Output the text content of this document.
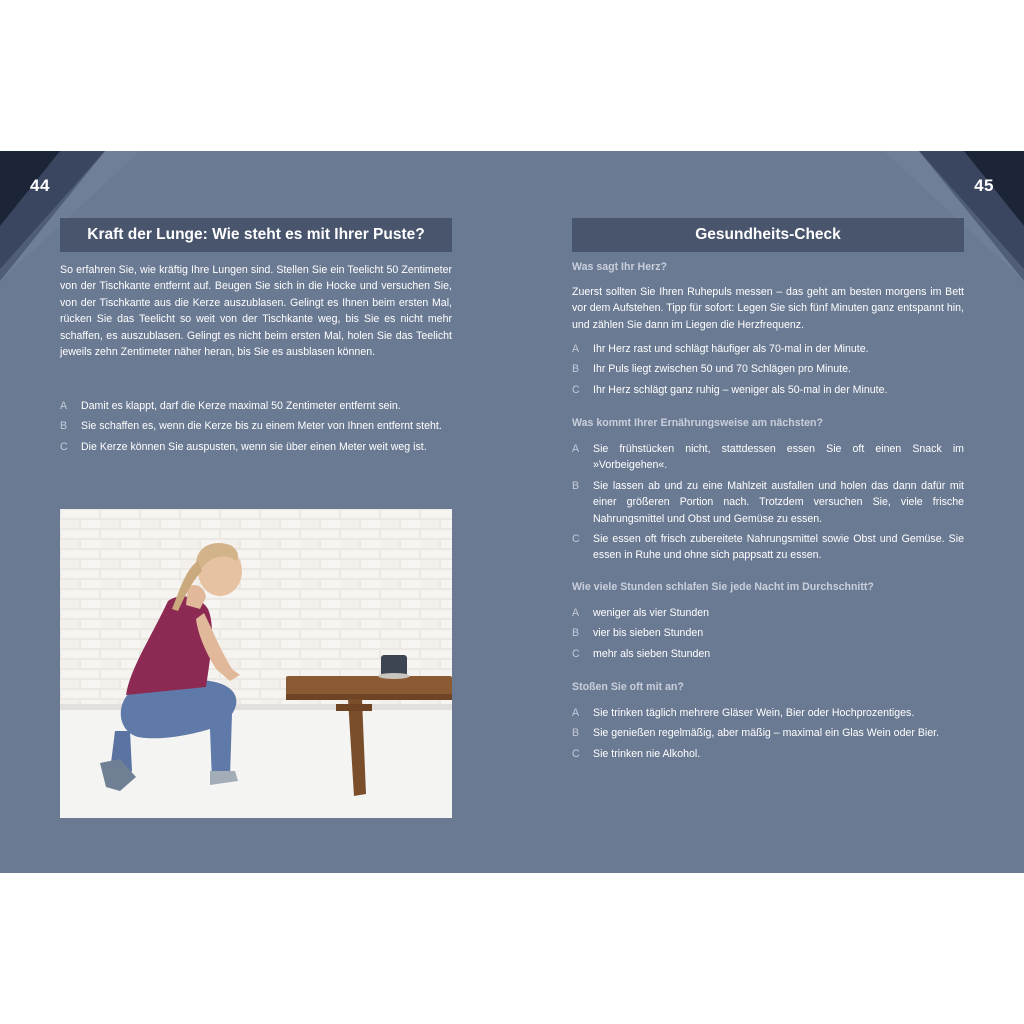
44	45
Kraft der Lunge: Wie steht es mit Ihrer Puste?
So erfahren Sie, wie kräftig Ihre Lungen sind. Stellen Sie ein Teelicht 50 Zentimeter von der Tischkante entfernt auf. Beugen Sie sich in die Hocke und versuchen Sie, von der Tischkante aus die Kerze auszublasen. Gelingt es Ihnen beim ersten Mal, rücken Sie das Teelicht so weit von der Tischkante weg, bis Sie es nicht mehr schaffen, es auszublasen. Gelingt es nicht beim ersten Mal, holen Sie das Teelicht jeweils zehn Zentimeter näher heran, bis Sie es ausblasen können.
A	Damit es klappt, darf die Kerze maximal 50 Zentimeter entfernt sein.
B	Sie schaffen es, wenn die Kerze bis zu einem Meter von Ihnen entfernt steht.
C	Die Kerze können Sie auspusten, wenn sie über einen Meter weit weg ist.
Gesundheits-Check
Was sagt Ihr Herz?
Zuerst sollten Sie Ihren Ruhepuls messen – das geht am besten morgens im Bett vor dem Aufstehen. Tipp für sofort: Legen Sie sich fünf Minuten ganz entspannt hin, und zählen Sie dann im Liegen die Herzfrequenz.
A	Ihr Herz rast und schlägt häufiger als 70-mal in der Minute.
B	Ihr Puls liegt zwischen 50 und 70 Schlägen pro Minute.
C	Ihr Herz schlägt ganz ruhig – weniger als 50-mal in der Minute.
Was kommt Ihrer Ernährungsweise am nächsten?
A	Sie frühstücken nicht, stattdessen essen Sie oft einen Snack im »Vorbeigehen«.
B	Sie lassen ab und zu eine Mahlzeit ausfallen und holen das dann dafür mit einer größeren Portion nach. Trotzdem versuchen Sie, viele frische Nahrungsmittel und Obst und Gemüse zu essen.
C	Sie essen oft frisch zubereitete Nahrungsmittel sowie Obst und Gemüse. Sie essen in Ruhe und ohne sich pappsatt zu essen.
Wie viele Stunden schlafen Sie jede Nacht im Durchschnitt?
A	weniger als vier Stunden
B	vier bis sieben Stunden
C	mehr als sieben Stunden
Stoßen Sie oft mit an?
A	Sie trinken täglich mehrere Gläser Wein, Bier oder Hochprozentiges.
B	Sie genießen regelmäßig, aber mäßig – maximal ein Glas Wein oder Bier.
C	Sie trinken nie Alkohol.
